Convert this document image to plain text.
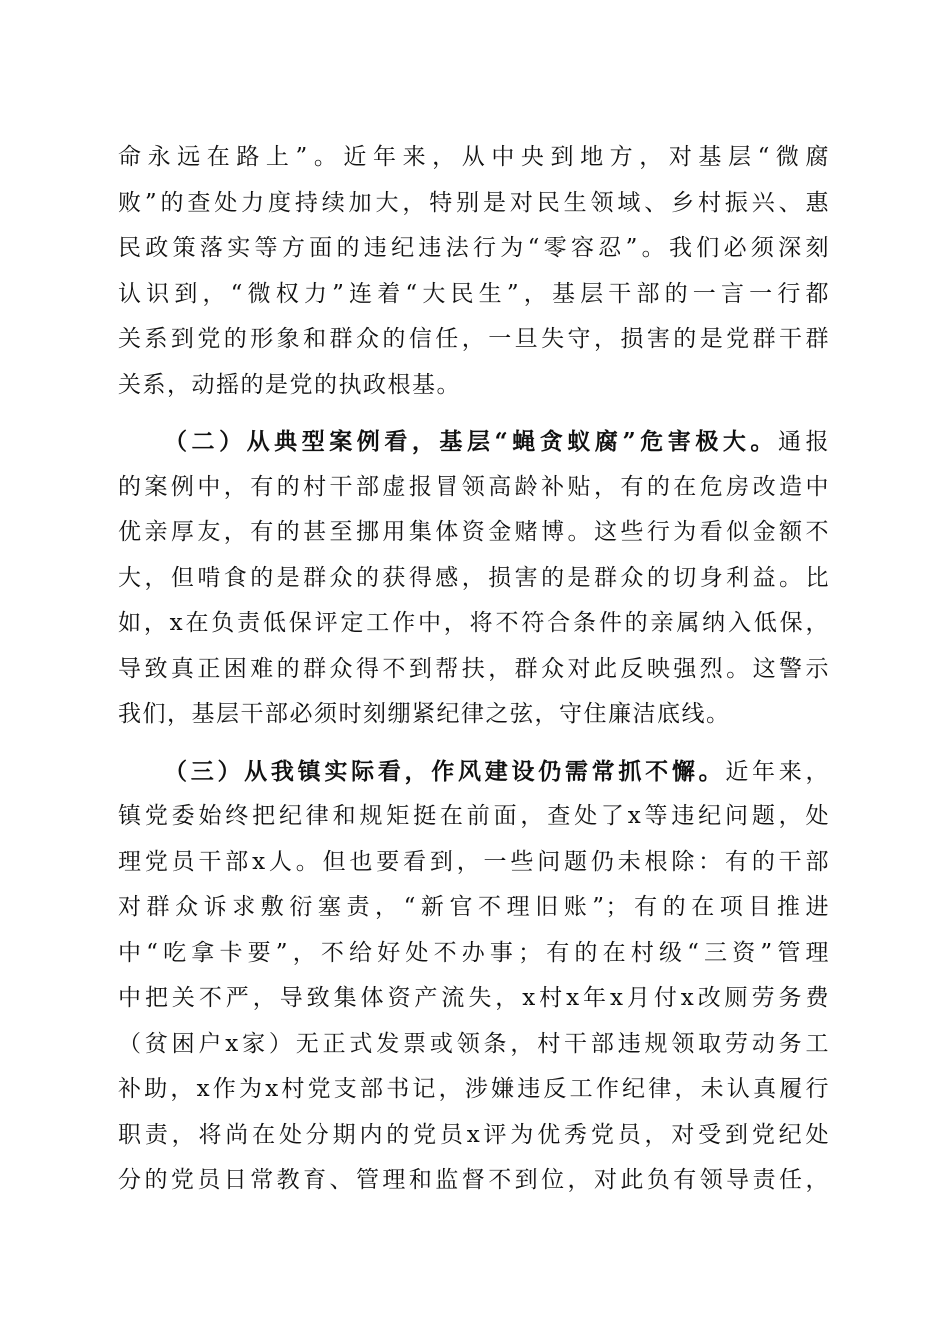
命永远在路上”。近年来，从中央到地方，对基层“微腐
败”的查处力度持续加大，特别是对民生领域、乡村振兴、惠
民政策落实等方面的违纪违法行为“零容忍”。我们必须深刻
认识到，“微权力”连着“大民生”，基层干部的一言一行都
关系到党的形象和群众的信任，一旦失守，损害的是党群干群
关系，动摇的是党的执政根基。
（二）从典型案例看，基层“蝇贪蚁腐”危害极大。通报
的案例中，有的村干部虚报冒领高龄补贴，有的在危房改造中
优亲厚友，有的甚至挪用集体资金赌博。这些行为看似金额不
大，但啃食的是群众的获得感，损害的是群众的切身利益。比
如，x在负责低保评定工作中，将不符合条件的亲属纳入低保，
导致真正困难的群众得不到帮扶，群众对此反映强烈。这警示
我们，基层干部必须时刻绷紧纪律之弦，守住廉洁底线。
（三）从我镇实际看，作风建设仍需常抓不懈。近年来，
镇党委始终把纪律和规矩挺在前面，查处了x等违纪问题，处
理党员干部x人。但也要看到，一些问题仍未根除：有的干部
对群众诉求敷衍塞责，“新官不理旧账”；有的在项目推进
中“吃拿卡要”，不给好处不办事；有的在村级“三资”管理
中把关不严，导致集体资产流失，x村x年x月付x改厕劳务费
（贫困户x家）无正式发票或领条，村干部违规领取劳动务工
补助，x作为x村党支部书记，涉嫌违反工作纪律，未认真履行
职责，将尚在处分期内的党员x评为优秀党员，对受到党纪处
分的党员日常教育、管理和监督不到位，对此负有领导责任，
